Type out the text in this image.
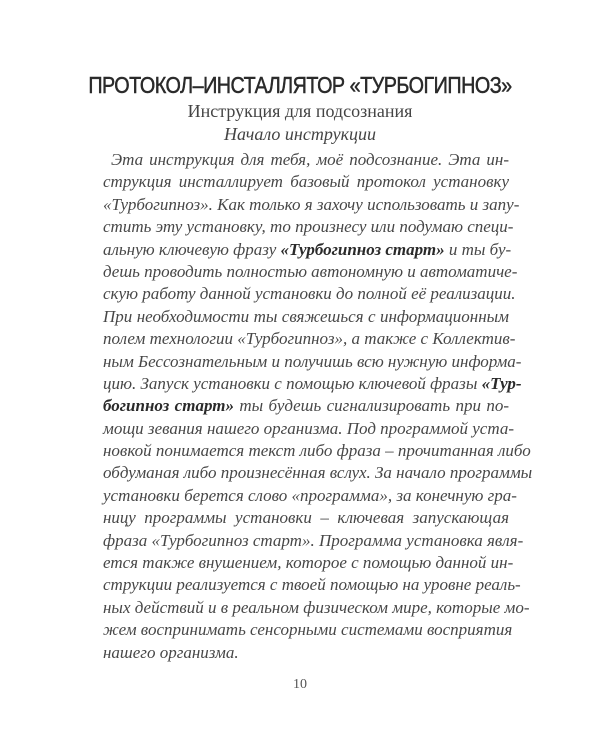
ПРОТОКОЛ–ИНСТАЛЛЯТОР «ТУРБОГИПНОЗ»
Инструкция для подсознания
Начало инструкции
Эта инструкция для тебя, моё подсознание. Эта ин-
струкция инсталлирует базовый протокол установку
«Турбогипноз». Как только я захочу использовать и запу-
стить эту установку, то произнесу или подумаю специ-
альную ключевую фразу «Турбогипноз старт» и ты бу-
дешь проводить полностью автономную и автоматиче-
скую работу данной установки до полной её реализации.
При необходимости ты свяжешься с информационным
полем технологии «Турбогипноз», а также с Коллектив-
ным Бессознательным и получишь всю нужную информа-
цию. Запуск установки с помощью ключевой фразы «Тур-
богипноз старт» ты будешь сигнализировать при по-
мощи зевания нашего организма. Под программой уста-
новкой понимается текст либо фраза – прочитанная либо
обдуманая либо произнесённая вслух. За начало программы
установки берется слово «программа», за конечную гра-
ницу программы установки – ключевая запускающая
фраза «Турбогипноз старт». Программа установка явля-
ется также внушением, которое с помощью данной ин-
струкции реализуется с твоей помощью на уровне реаль-
ных действий и в реальном физическом мире, которые мо-
жем воспринимать сенсорными системами восприятия
нашего организма.
10
